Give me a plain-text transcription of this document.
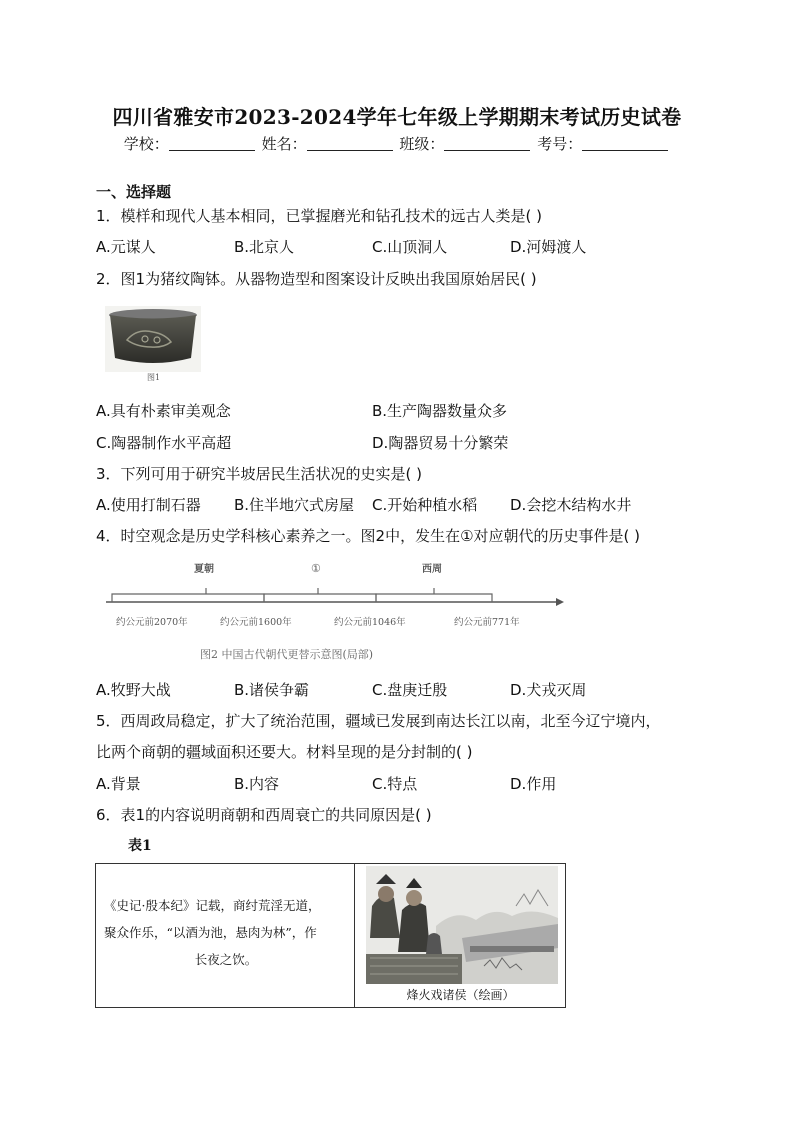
四川省雅安市2023-2024学年七年级上学期期末考试历史试卷
学校：	姓名：	班级：	考号：
一、选择题
1．模样和现代人基本相同，已掌握磨光和钻孔技术的远古人类是( )
A.元谋人	B.北京人	C.山顶洞人	D.河姆渡人
2．图1为猪纹陶钵。从器物造型和图案设计反映出我国原始居民( )
图1
A.具有朴素审美观念	B.生产陶器数量众多
C.陶器制作水平高超	D.陶器贸易十分繁荣
3．下列可用于研究半坡居民生活状况的史实是( )
A.使用打制石器 B.住半地穴式房屋 C.开始种植水稻 D.会挖木结构水井
4．时空观念是历史学科核心素养之一。图2中，发生在①对应朝代的历史事件是( )
夏朝	①	西周
约公元前2070年	约公元前1600年	约公元前1046年	约公元前771年
图2 中国古代朝代更替示意图(局部)
A.牧野大战	B.诸侯争霸	C.盘庚迁殷	D.犬戎灭周
5．西周政局稳定，扩大了统治范围，疆域已发展到南达长江以南，北至今辽宁境内，
比两个商朝的疆域面积还要大。材料呈现的是分封制的( )
A.背景	B.内容	C.特点	D.作用
6．表1的内容说明商朝和西周衰亡的共同原因是( )
表1
《史记·殷本纪》记载，商纣荒淫无道，
聚众作乐，“以酒为池，悬肉为林”，作
长夜之饮。
烽火戏诸侯（绘画）
